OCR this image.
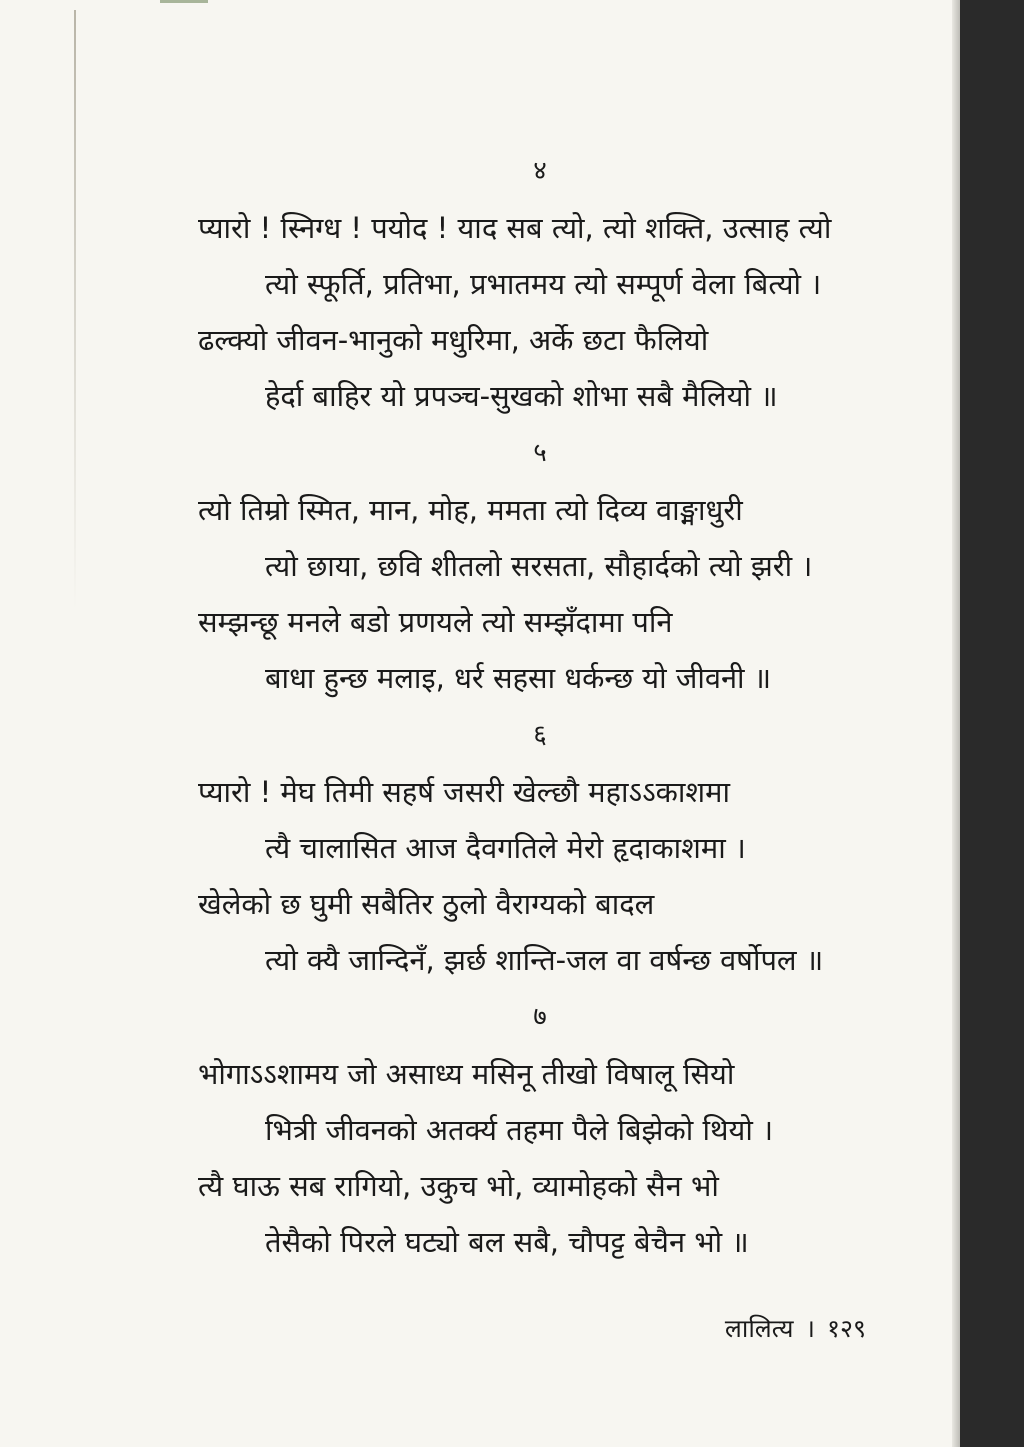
४
प्यारो ! स्निग्ध ! पयोद ! याद सब त्यो, त्यो शक्ति, उत्साह त्यो
त्यो स्फूर्ति, प्रतिभा, प्रभातमय त्यो सम्पूर्ण वेला बित्यो ।
ढल्क्यो जीवन-भानुको मधुरिमा, अर्के छटा फैलियो
हेर्दा बाहिर यो प्रपञ्च-सुखको शोभा सबै मैलियो ॥
५
त्यो तिम्रो स्मित, मान, मोह, ममता त्यो दिव्य वाङ्माधुरी
त्यो छाया, छवि शीतलो सरसता, सौहार्दको त्यो झरी ।
सम्झन्छू मनले बडो प्रणयले त्यो सम्झँदामा पनि
बाधा हुन्छ मलाइ, धर्र सहसा धर्कन्छ यो जीवनी ॥
६
प्यारो ! मेघ तिमी सहर्ष जसरी खेल्छौ महाऽऽकाशमा
त्यै चालासित आज दैवगतिले मेरो हृदाकाशमा ।
खेलेको छ घुमी सबैतिर ठुलो वैराग्यको बादल
त्यो क्यै जान्दिनँ, झर्छ शान्ति-जल वा वर्षन्छ वर्षोपल ॥
७
भोगाऽऽशामय जो असाध्य मसिनू तीखो विषालू सियो
भित्री जीवनको अतर्क्य तहमा पैले बिझेको थियो ।
त्यै घाऊ सब रागियो, उकुच भो, व्यामोहको सैन भो
तेसैको पिरले घट्यो बल सबै, चौपट्ट बेचैन भो ॥
लालित्य । १२९
